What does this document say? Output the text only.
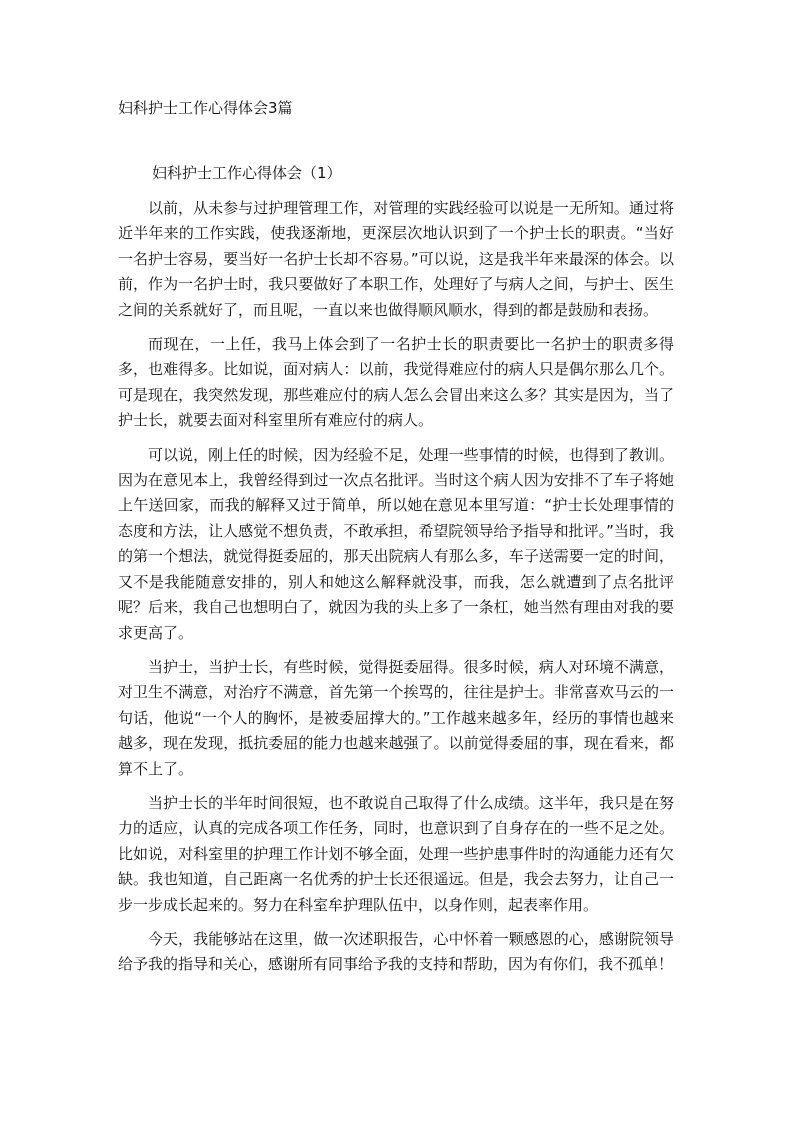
妇科护士工作心得体会3篇
妇科护士工作心得体会（1）

以前，从未参与过护理管理工作，对管理的实践经验可以说是一无所知。通过将近半年来的工作实践，使我逐渐地，更深层次地认识到了一个护士长的职责。“当好一名护士容易，要当好一名护士长却不容易。”可以说，这是我半年来最深的体会。以前，作为一名护士时，我只要做好了本职工作，处理好了与病人之间，与护士、医生之间的关系就好了，而且呢，一直以来也做得顺风顺水，得到的都是鼓励和表扬。

而现在，一上任，我马上体会到了一名护士长的职责要比一名护士的职责多得多，也难得多。比如说，面对病人：以前，我觉得难应付的病人只是偶尔那么几个。可是现在，我突然发现，那些难应付的病人怎么会冒出来这么多？其实是因为，当了护士长，就要去面对科室里所有难应付的病人。

可以说，刚上任的时候，因为经验不足，处理一些事情的时候，也得到了教训。因为在意见本上，我曾经得到过一次点名批评。当时这个病人因为安排不了车子将她上午送回家，而我的解释又过于简单，所以她在意见本里写道：“护士长处理事情的态度和方法，让人感觉不想负责，不敢承担，希望院领导给予指导和批评。”当时，我的第一个想法，就觉得挺委屈的，那天出院病人有那么多，车子送需要一定的时间，又不是我能随意安排的，别人和她这么解释就没事，而我，怎么就遭到了点名批评呢？后来，我自己也想明白了，就因为我的头上多了一条杠，她当然有理由对我的要求更高了。

当护士，当护士长，有些时候，觉得挺委屈得。很多时候，病人对环境不满意，对卫生不满意，对治疗不满意，首先第一个挨骂的，往往是护士。非常喜欢马云的一句话，他说“一个人的胸怀，是被委屈撑大的。”工作越来越多年，经历的事情也越来越多，现在发现，抵抗委屈的能力也越来越强了。以前觉得委屈的事，现在看来，都算不上了。

当护士长的半年时间很短，也不敢说自己取得了什么成绩。这半年，我只是在努力的适应，认真的完成各项工作任务，同时，也意识到了自身存在的一些不足之处。比如说，对科室里的护理工作计划不够全面，处理一些护患事件时的沟通能力还有欠缺。我也知道，自己距离一名优秀的护士长还很遥远。但是，我会去努力，让自己一步一步成长起来的。努力在科室牟护理队伍中，以身作则，起表率作用。

今天，我能够站在这里，做一次述职报告，心中怀着一颗感恩的心，感谢院领导给予我的指导和关心，感谢所有同事给予我的支持和帮助，因为有你们，我不孤单！
